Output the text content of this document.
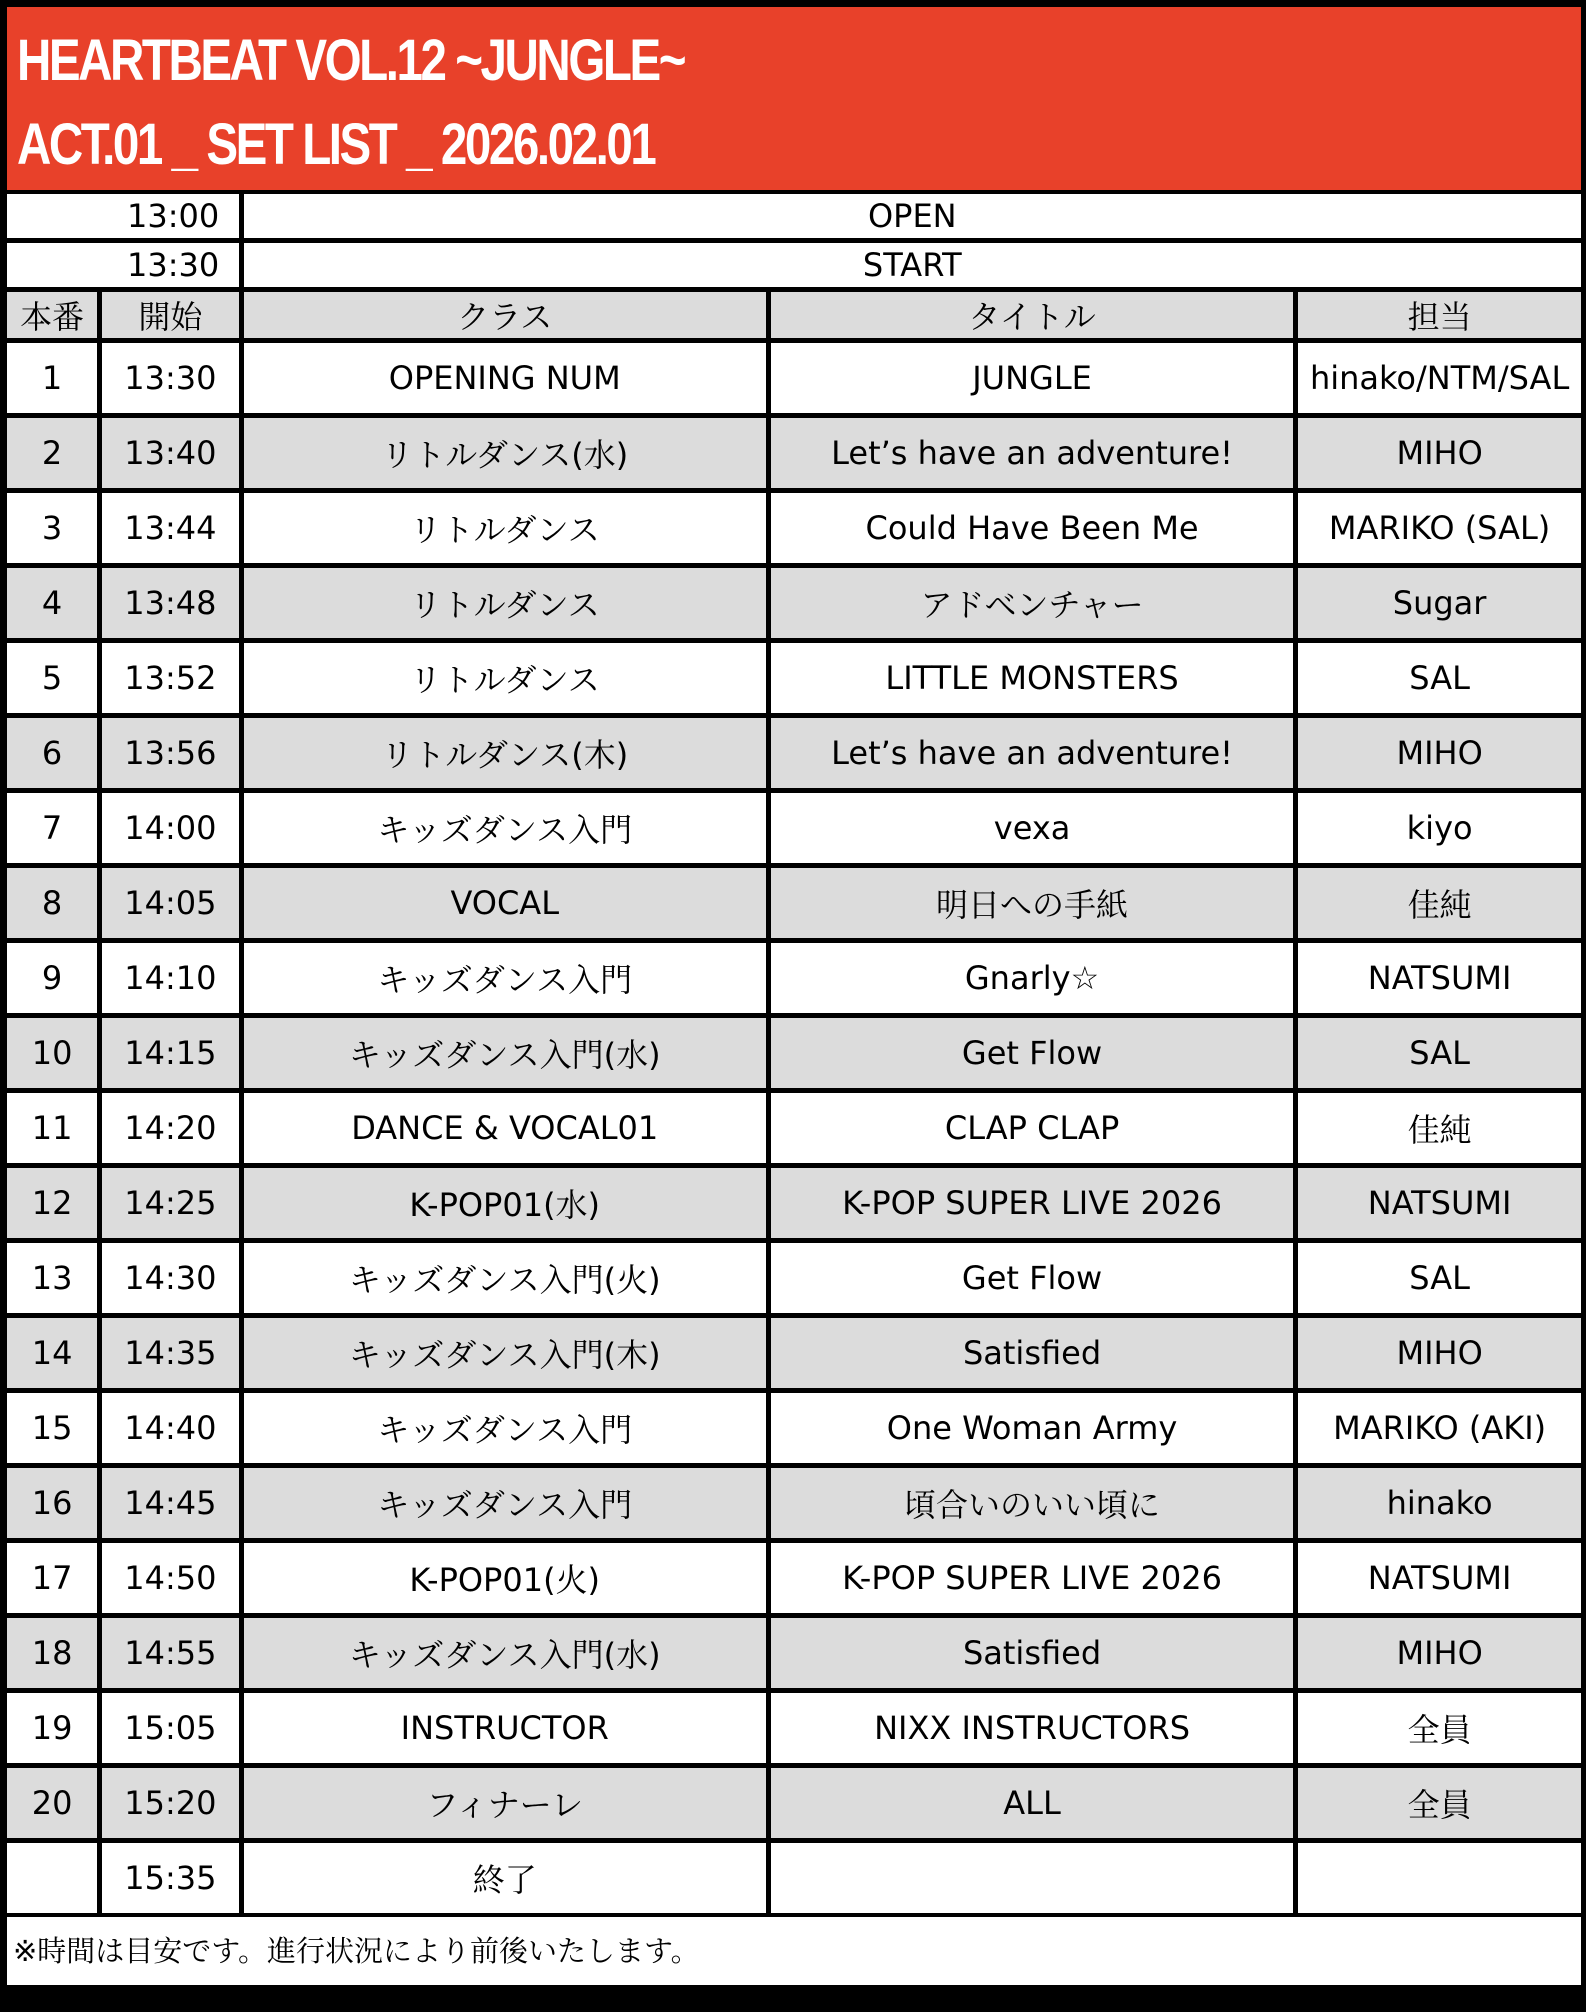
HEARTBEAT VOL.12 ~JUNGLE~
ACT.01 _ SET LIST _ 2026.02.01
13:00		OPEN		
13:30		START		
本番	開始	クラス	タイトル	担当
1	13:30	OPENING NUM	JUNGLE	hinako/NTM/SAL
2	13:40	リトルダンス(水)	Let’s have an adventure!	MIHO
3	13:44	リトルダンス	Could Have Been Me	MARIKO (SAL)
4	13:48	リトルダンス	アドベンチャー	Sugar
5	13:52	リトルダンス	LITTLE MONSTERS	SAL
6	13:56	リトルダンス(木)	Let’s have an adventure!	MIHO
7	14:00	キッズダンス入門	vexa	kiyo
8	14:05	VOCAL	明日への手紙	佳純
9	14:10	キッズダンス入門	Gnarly☆	NATSUMI
10	14:15	キッズダンス入門(水)	Get Flow	SAL
11	14:20	DANCE & VOCAL01	CLAP CLAP	佳純
12	14:25	K-POP01(水)	K-POP SUPER LIVE 2026	NATSUMI
13	14:30	キッズダンス入門(火)	Get Flow	SAL
14	14:35	キッズダンス入門(木)	Satisfied	MIHO
15	14:40	キッズダンス入門	One Woman Army	MARIKO (AKI)
16	14:45	キッズダンス入門	頃合いのいい頃に	hinako
17	14:50	K-POP01(火)	K-POP SUPER LIVE 2026	NATSUMI
18	14:55	キッズダンス入門(水)	Satisfied	MIHO
19	15:05	INSTRUCTOR	NIXX INSTRUCTORS	全員
20	15:20	フィナーレ	ALL	全員
	15:35	終了		
※時間は目安です。進行状況により前後いたします。
